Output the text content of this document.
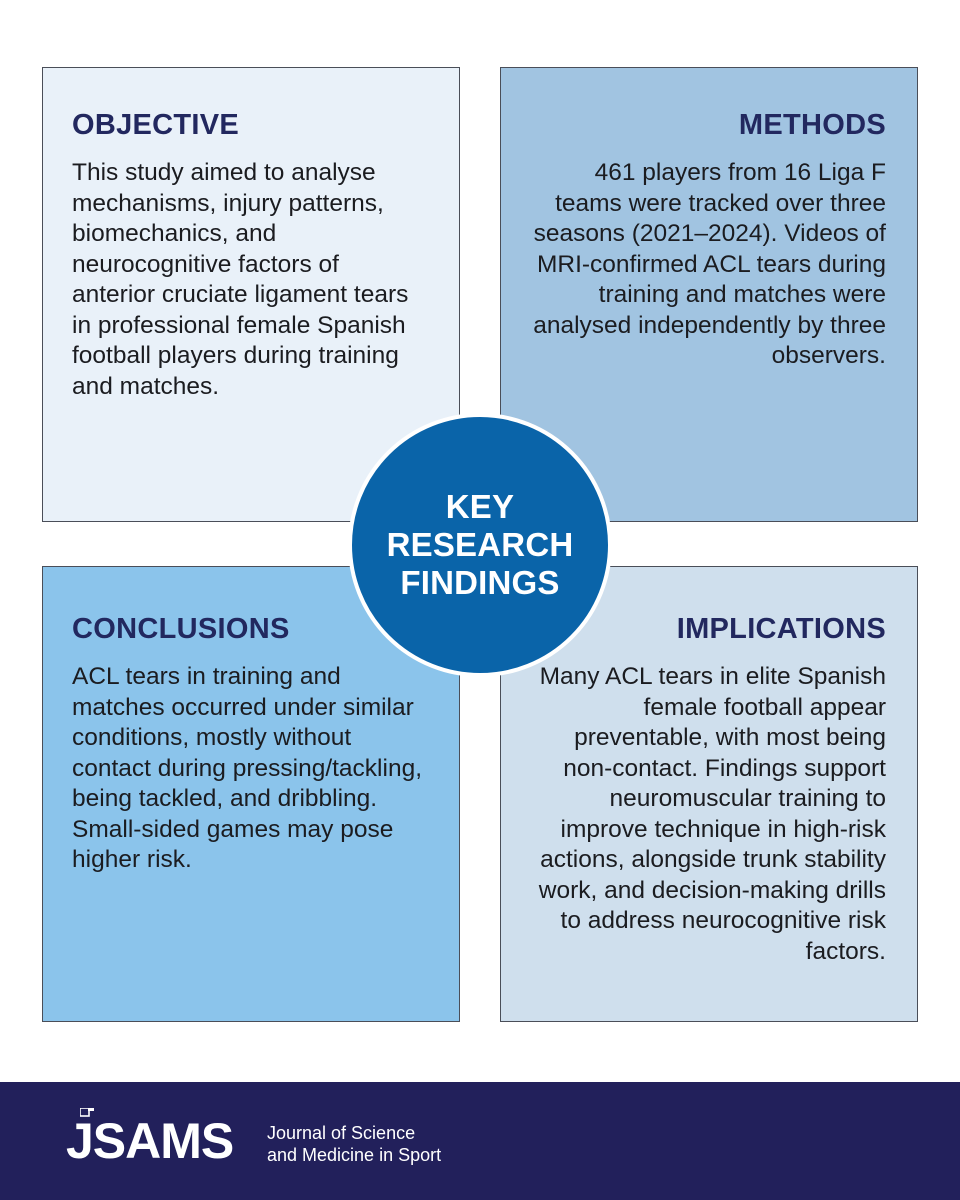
OBJECTIVE

This study aimed to analyse mechanisms, injury patterns, biomechanics, and neurocognitive factors of anterior cruciate ligament tears in professional female Spanish football players during training and matches.

METHODS

461 players from 16 Liga F teams were tracked over three seasons (2021–2024). Videos of MRI-confirmed ACL tears during training and matches were analysed independently by three observers.

CONCLUSIONS

ACL tears in training and matches occurred under similar conditions, mostly without contact during pressing/tackling, being tackled, and dribbling. Small-sided games may pose higher risk.

IMPLICATIONS

Many ACL tears in elite Spanish female football appear preventable, with most being non-contact. Findings support neuromuscular training to improve technique in high-risk actions, alongside trunk stability work, and decision-making drills to address neurocognitive risk factors.

KEY
RESEARCH
FINDINGS
JSAMS Journal of Science
and Medicine in Sport
